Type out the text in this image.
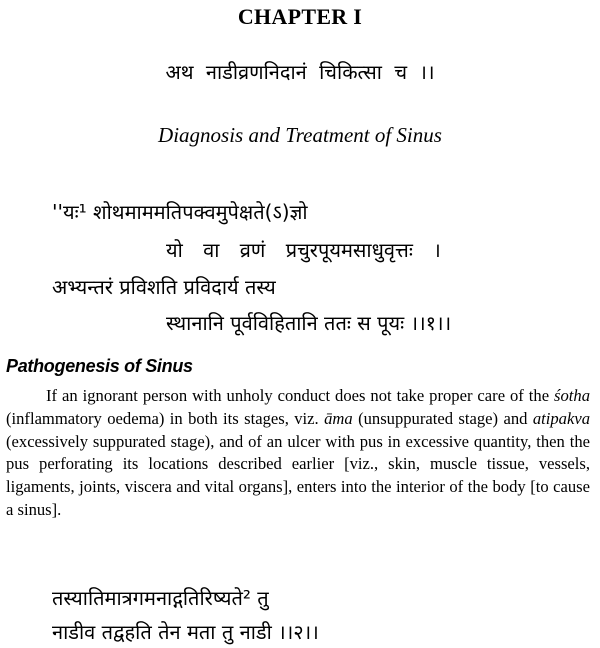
CHAPTER I
अथ नाडीव्रणनिदानं चिकित्सा च ।।
Diagnosis and Treatment of Sinus
''यः¹ शोथमाममतिपक्वमुपेक्षते(ऽ)ज्ञो
यो वा व्रणं प्रचुरपूयमसाधुवृत्तः ।
अभ्यन्तरं प्रविशति प्रविदार्य तस्य
स्थानानि पूर्वविहितानि ततः स पूयः ।।१।।
Pathogenesis of Sinus

If an ignorant person with unholy conduct does not take proper care of the śotha (inflammatory oedema) in both its stages, viz. āma (unsuppurated stage) and atipakva (excessively suppurated stage), and of an ulcer with pus in excessive quantity, then the pus perforating its locations described earlier [viz., skin, muscle tissue, vessels, ligaments, joints, viscera and vital organs], enters into the interior of the body [to cause a sinus].

तस्यातिमात्रगमनाद्गतिरिष्यते² तु
नाडीव तद्वहति तेन मता तु नाडी ।।२।।
